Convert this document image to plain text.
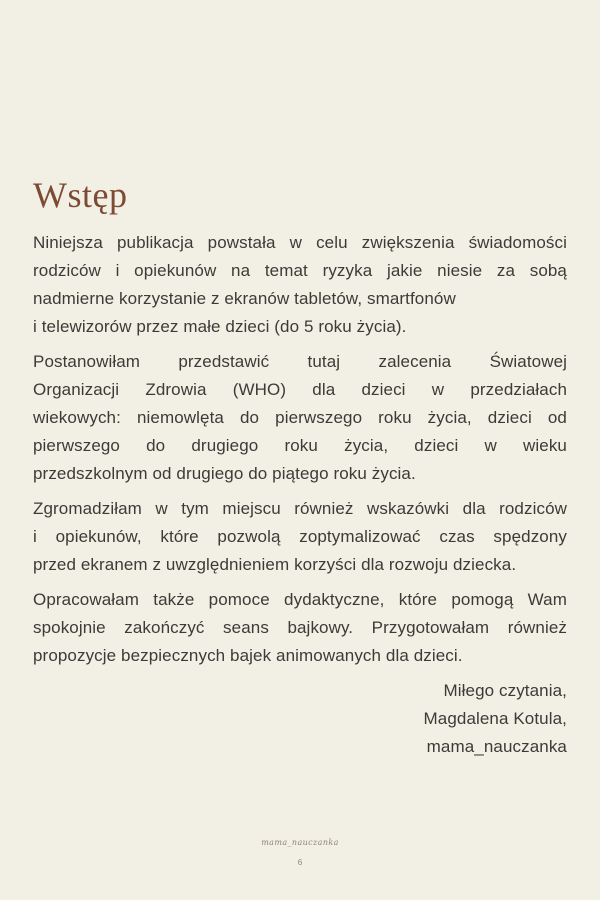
Wstęp
Niniejsza publikacja powstała w celu zwiększenia świadomości
rodziców i opiekunów na temat ryzyka jakie niesie za sobą
nadmierne korzystanie z ekranów tabletów, smartfonów
i telewizorów przez małe dzieci (do 5 roku życia).
Postanowiłam przedstawić tutaj zalecenia Światowej
Organizacji Zdrowia (WHO) dla dzieci w przedziałach
wiekowych: niemowlęta do pierwszego roku życia, dzieci od
pierwszego do drugiego roku życia, dzieci w wieku
przedszkolnym od drugiego do piątego roku życia.
Zgromadziłam w tym miejscu również wskazówki dla rodziców
i opiekunów, które pozwolą zoptymalizować czas spędzony
przed ekranem z uwzględnieniem korzyści dla rozwoju dziecka.
Opracowałam także pomoce dydaktyczne, które pomogą Wam
spokojnie zakończyć seans bajkowy. Przygotowałam również
propozycje bezpiecznych bajek animowanych dla dzieci.
Miłego czytania,
Magdalena Kotula,
mama_nauczanka
mama_nauczanka
6
